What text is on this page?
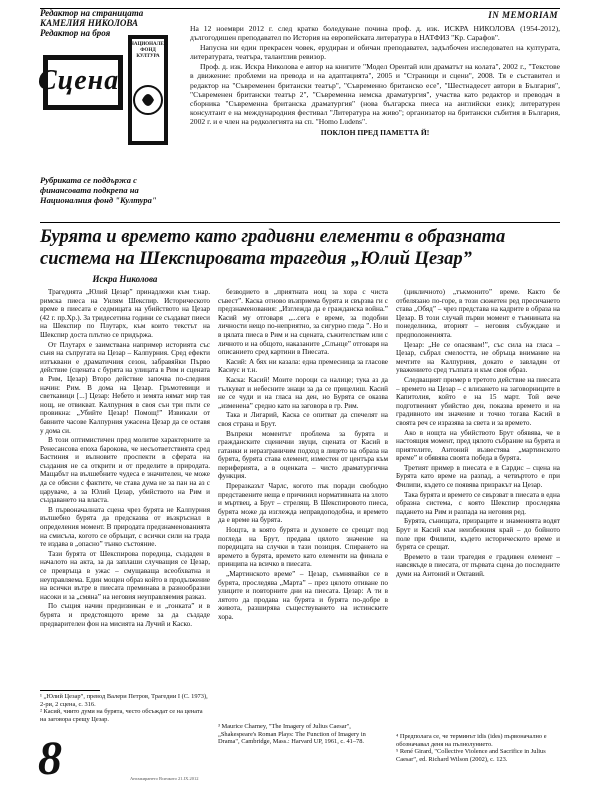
Редактор на страницата
КАМЕЛИЯ НИКОЛОВА
Редактор на броя
IN MEMORIAM
Сцена
НАЦИОНАЛЕН ФОНД КУЛТУРА
Рубриката се поддържа с финансовата подкрепа на Националния фонд "Култура"

На 12 ноември 2012 г. след кратко боледуване почина проф. д. изк. ИСКРА НИКОЛОВА (1954-2012), дългогодишен преподавател по История на европейската литература в НАТФИЗ "Кр. Сарафов".

Напусна ни един прекрасен човек, ерудиран и обичан преподавател, задълбочен изследовател на културата, литературата, театъра, талантлив ревизор.

Проф. д. изк. Искра Николова е автор на книгите "Модел Орентай или драматът на колата", 2002 г., "Текстове в движение: проблеми на превода и на адаптацията", 2005 и "Страници и сцени", 2008. Тя е съставител и редактор на "Съвременен британски театър", "Съвременно британско есе", "Шестнадесет автори в България", "Съвременен британски театър 2", "Съвременна немска драматургия", участва като редактор и преводач в сборника "Съвременна британска драматургия" (нова българска пиеса на английски език); литературен консултант е на международния фестивал "Литература на живо"; организатор на британски събития в България, 2002 г. и е член на редколегията на сп. "Homo Ludens".

ПОКЛОН ПРЕД ПАМЕТТА Й!
Бурята и времето като градивни елементи в образната система на Шекспировата трагедия „Юлий Цезар”
Искра Николова

Трагедията „Юлий Цезар” принадлежи към т.нар. римска пиеса на Уилям Шекспир. Историческото време в пиесата е седмицата на убийството на Цезар (42 г. пр.Хр.). За тридесетина години се създават пиеси на Шекспир по Плутарх, към които текстът на Шекспир доста плътно се придържа.

От Плутарх е заимствана например историята със съня на съпругата на Цезар – Калпурния. Сред ефекти изтъквани е драматичния сезон, забравяйки Първо действие (сцената с бурята на улицата в Рим и сцената в Рим, Цезар) Второ действие започва по-следния начин: Рим. В дома на Цезар. Гръмотевици и светкавици [...] Цезар: Небето и земята нямат мир тая нощ, не отвикват. Калпурния в своя сън три пъти се провикна: „Убийте Цезар! Помощ!” Извикали от бавните часове Калпурния ужасена Цезар да се оставя у дома си.

В този оптимистичен пред молитве характерните за Ренесансова епоха барокова, че несъответствията сред Бастиния и вълновите проспекти в сферата на създания не са открити и от пределите в природата. Мащабът на вълшебните чудеса е значителен, че може да се обясни с фактите, че става дума не за пан на аз с царуваче, а за Юлий Цезар, убийството на Рим и създаването на власта.

В първоначалната сцена чрез бурята не Калпурния вълшебно бурята да предсказва от възкръснал в определения момент. В природата предзнаменованията на смисъла, когото се обръщат, с всички сили на града те издава в „опасно” тънко състояние.

Тази бурята от Шекспирова поредица, създаден в началото на акта, за да заплаши случващия се Цезар, се превръща в ужас – смущаваща всеобхватна и неуправляема. Един мощен образ който в продължение на всички вътре в пиесата преминава в разнообразни насоки и за „смяна” на неговия неуправляемия разказ.

По същия начин предизвикан е и „гонката” и в бурята и предстоящото време за да създаде предварителен фон на мисията на Лучий и Каско.

безводието в „приятната нощ за хора с чиста съвест”. Каска отново възприема бурята и свързва ги с предзнаменования: „Изглежда да е гражданска война.” Касий му отговаря „...сега е време, за подобни личности нещо по-неприятно, за сигурно гледа ”. Но и в цялата пиеса в Рим и на сцената, съжителствам или с личното и на общото, наказаните „Слънце” отговаря на описанието сред картини в Пиесата.

Касий: А бях ни казала: една премесница за гласове Касиус и т.н.

Каска: Касий! Моите пороци са налице; тука аз да тълкуват и небесните знаци за да се прицелиш. Касий не се чуди и на гласа на ден, но Бурята се оказва „изменена” средно като на заговора в гр. Рим.

Така и Лигарий, Каска се опитват да спечелят на своя страна и Брут.

Въпреки моментът проблема за бурята и гражданските сценични звуци, сцената от Касий в гатанки и неразграничим подход в лицето на образа на бурята, бурята става елемент, изместен от центъра към периферията, а в оценката – чисто драматургична функция.

Преразказът Чарлс, когото пък поради свободно представените неща е причинил нормативната на злото и мъртвец, а Брут – стрелящ. В Шекспировото пиеса, бурята може да изглежда неправдоподобна, и времето да е време на бурята.

Нощта, в която бурята и духовете се срещат под погледа на Брут, предава цялото значение на поредицата на случки в тази позиция. Спирането на времето в бурята, времето като елементи на финала е принципа на всичко в пиесата.

„Мартинското време” – Цезар, съмнявайки се в бурята, проследява „Марта” – през цялото отиване по улиците и повторните дни на пиесата. Цезар: А ти в лятото да продава на бурята и бурята по-добре в живота, разширява съществуването на истинските хора.

(цикличното) „тъкмонито” време. Както бе отбелязано по-горе, в този сюжетен ред пресичането става „Обяд” – чрез представа на кадрите в образа на Цезар. В този случай първи момент е тъмнината на понеделника, вторият – неговия събуждане и предположенията.

Цезар: „Не се опасявам!”, със сила на гласа – Цезар, събрал смелостта, не обръща внимание на мечтите на Калпурния, докато е завладян от уважението сред тълпата и към своя образ.

Следващият пример в третото действие на пиесата – времето на Цезар – с влизането на заговорниците в Капитолия, който е на 15 март. Той вече подготвеният убийство ден, показва времето и на градивното им значение и точно тогава Касий в своята реч се изразява за света и за времето.

Ако в нощта на убийството Брут обявява, че в настоящия момент, пред цялото събрание на бурята и приятелите, Антоний възвестява „мартинското време” и обявява своята победа в бурята.

Третият пример в пиесата е в Сардис – сценa на Бурята като време на разпад, а четвъртото е при Филипи, където се появява призракът на Цезар.

Така бурята и времето се свързват в пиесата в една образна система, с която Шекспир проследява падането на Рим и разпада на неговия ред.

Бурята, сънищата, призраците и знаменията водят Брут и Касий към неизбежния край – до бойното поле при Филипи, където историческото време и бурята се срещат.

Времето в тази трагедия е градивен елемент – навсякъде в пиесата, от първата сцена до последните думи на Антоний и Октавий.

¹ „Юлий Цезар”, превод Валери Петров, Трагедии I (С. 1973), 2-ри, 2 сцена, с. 316.
² Касий, чиито думи на бурята, често обсъждат се на цената на заговора срещу Цезар.
³ Maurice Charney, "The Imagery of Julius Caesar", „Shakespeare's Roman Plays: The Function of Imagery in Drama", Cambridge, Mass.: Harvard UP, 1961, с. 41–78.
⁴ Предполага се, че терминът idis (ides) първоначално е обозначавал деня на пълнолунието.
⁵ René Girard, "Collective Violence and Sacrifice in Julius Caesar", ed. Richard Wilson (2002), с. 123.
8	Ангажирането Всичкото 21.IX.2012
